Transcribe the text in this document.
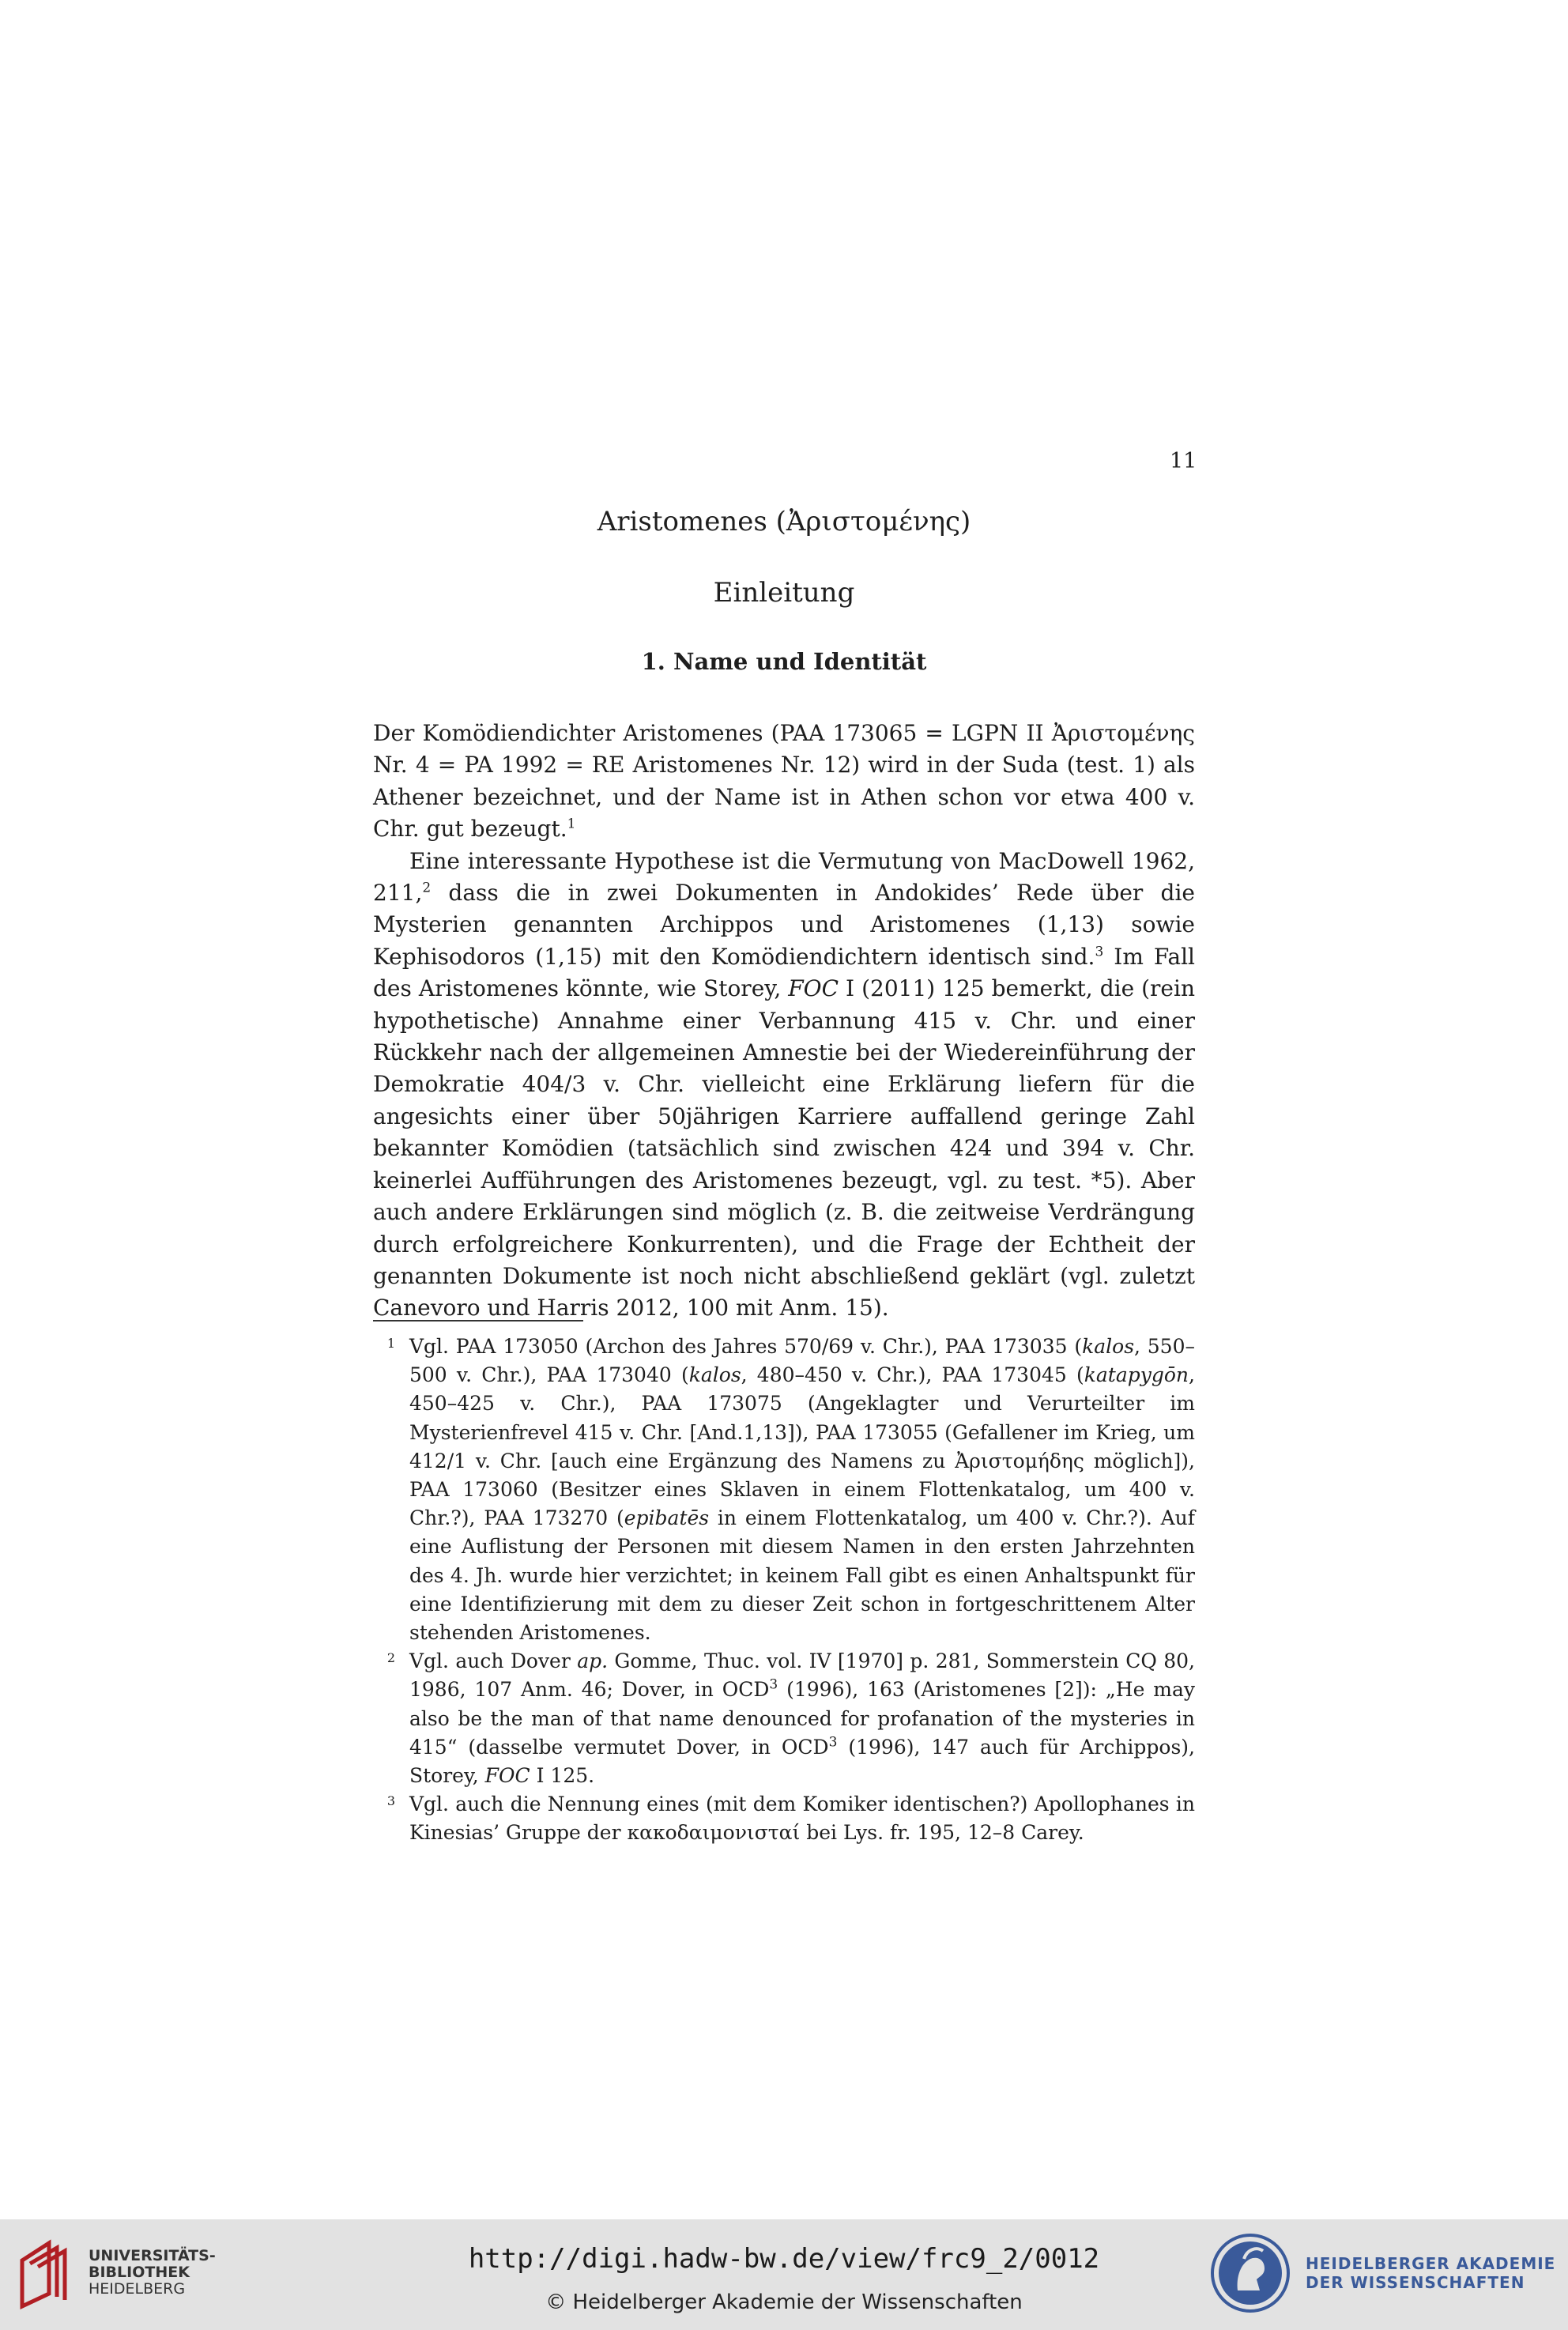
11
Aristomenes (Ἀριστομένης)
Einleitung
1. Name und Identität

Der Komödiendichter Aristomenes (PAA 173065 = LGPN II Ἀριστομένης Nr. 4 = PA 1992 = RE Aristomenes Nr. 12) wird in der Suda (test. 1) als Athener bezeichnet, und der Name ist in Athen schon vor etwa 400 v. Chr. gut bezeugt.$^1$

Eine interessante Hypothese ist die Vermutung von MacDowell 1962, 211,$^2$ dass die in zwei Dokumenten in Andokides’ Rede über die Mysterien genannten Archippos und Aristomenes (1,13) sowie Kephisodoros (1,15) mit den Komödiendichtern identisch sind.$^3$ Im Fall des Aristomenes könnte, wie Storey, FOC I (2011) 125 bemerkt, die (rein hypothetische) Annahme einer Verbannung 415 v. Chr. und einer Rückkehr nach der allgemeinen Amnestie bei der Wiedereinführung der Demokratie 404/3 v. Chr. vielleicht eine Erklärung liefern für die angesichts einer über 50jährigen Karriere auffallend geringe Zahl bekannter Komödien (tatsächlich sind zwischen 424 und 394 v. Chr. keinerlei Aufführungen des Aristomenes bezeugt, vgl. zu test. *5). Aber auch andere Erklärungen sind möglich (z. B. die zeitweise Verdrängung durch erfolgreichere Konkurrenten), und die Frage der Echtheit der genannten Dokumente ist noch nicht abschließend geklärt (vgl. zuletzt Canevoro und Harris 2012, 100 mit Anm. 15).

1 Vgl. PAA 173050 (Archon des Jahres 570/69 v. Chr.), PAA 173035 (kalos, 550–500 v. Chr.), PAA 173040 (kalos, 480–450 v. Chr.), PAA 173045 (katapygōn, 450–425 v. Chr.), PAA 173075 (Angeklagter und Verurteilter im Mysterienfrevel 415 v. Chr. [And.1,13]), PAA 173055 (Gefallener im Krieg, um 412/1 v. Chr. [auch eine Ergänzung des Namens zu Ἀριστομήδης möglich]), PAA 173060 (Besitzer eines Sklaven in einem Flottenkatalog, um 400 v. Chr.?), PAA 173270 (epibatēs in einem Flottenkatalog, um 400 v. Chr.?). Auf eine Auflistung der Personen mit diesem Namen in den ersten Jahrzehnten des 4. Jh. wurde hier verzichtet; in keinem Fall gibt es einen Anhaltspunkt für eine Identifizierung mit dem zu dieser Zeit schon in fortgeschrittenem Alter stehenden Aristomenes.
2 Vgl. auch Dover ap. Gomme, Thuc. vol. IV [1970] p. 281, Sommerstein CQ 80, 1986, 107 Anm. 46; Dover, in OCD$^3$ (1996), 163 (Aristomenes [2]): „He may also be the man of that name denounced for profanation of the mysteries in 415“ (dasselbe vermutet Dover, in OCD$^3$ (1996), 147 auch für Archippos), Storey, FOC I 125.
3 Vgl. auch die Nennung eines (mit dem Komiker identischen?) Apollophanes in Kinesias’ Gruppe der κακοδαιμονισταί bei Lys. fr. 195, 12–8 Carey.
UNIVERSITÄTS-
BIBLIOTHEK
HEIDELBERG
http://digi.hadw-bw.de/view/frc9_2/0012
© Heidelberger Akademie der Wissenschaften
HEIDELBERGER AKADEMIE
DER WISSENSCHAFTEN
